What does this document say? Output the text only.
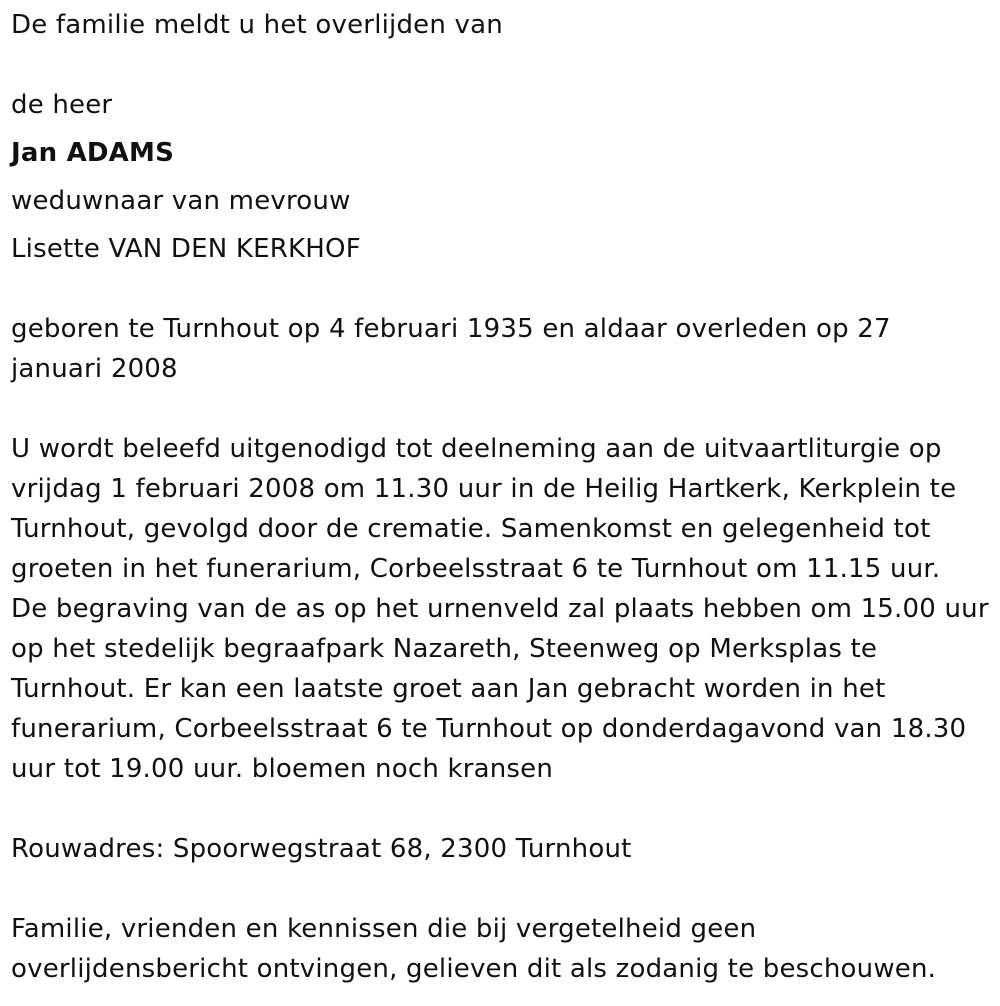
De familie meldt u het overlijden van
de heer
Jan ADAMS
weduwnaar van mevrouw
Lisette VAN DEN KERKHOF
geboren te Turnhout op 4 februari 1935 en aldaar overleden op 27
januari 2008
U wordt beleefd uitgenodigd tot deelneming aan de uitvaartliturgie op
vrijdag 1 februari 2008 om 11.30 uur in de Heilig Hartkerk, Kerkplein te
Turnhout, gevolgd door de crematie. Samenkomst en gelegenheid tot
groeten in het funerarium, Corbeelsstraat 6 te Turnhout om 11.15 uur.
De begraving van de as op het urnenveld zal plaats hebben om 15.00 uur
op het stedelijk begraafpark Nazareth, Steenweg op Merksplas te
Turnhout. Er kan een laatste groet aan Jan gebracht worden in het
funerarium, Corbeelsstraat 6 te Turnhout op donderdagavond van 18.30
uur tot 19.00 uur. bloemen noch kransen
Rouwadres: Spoorwegstraat 68, 2300 Turnhout
Familie, vrienden en kennissen die bij vergetelheid geen
overlijdensbericht ontvingen, gelieven dit als zodanig te beschouwen.
